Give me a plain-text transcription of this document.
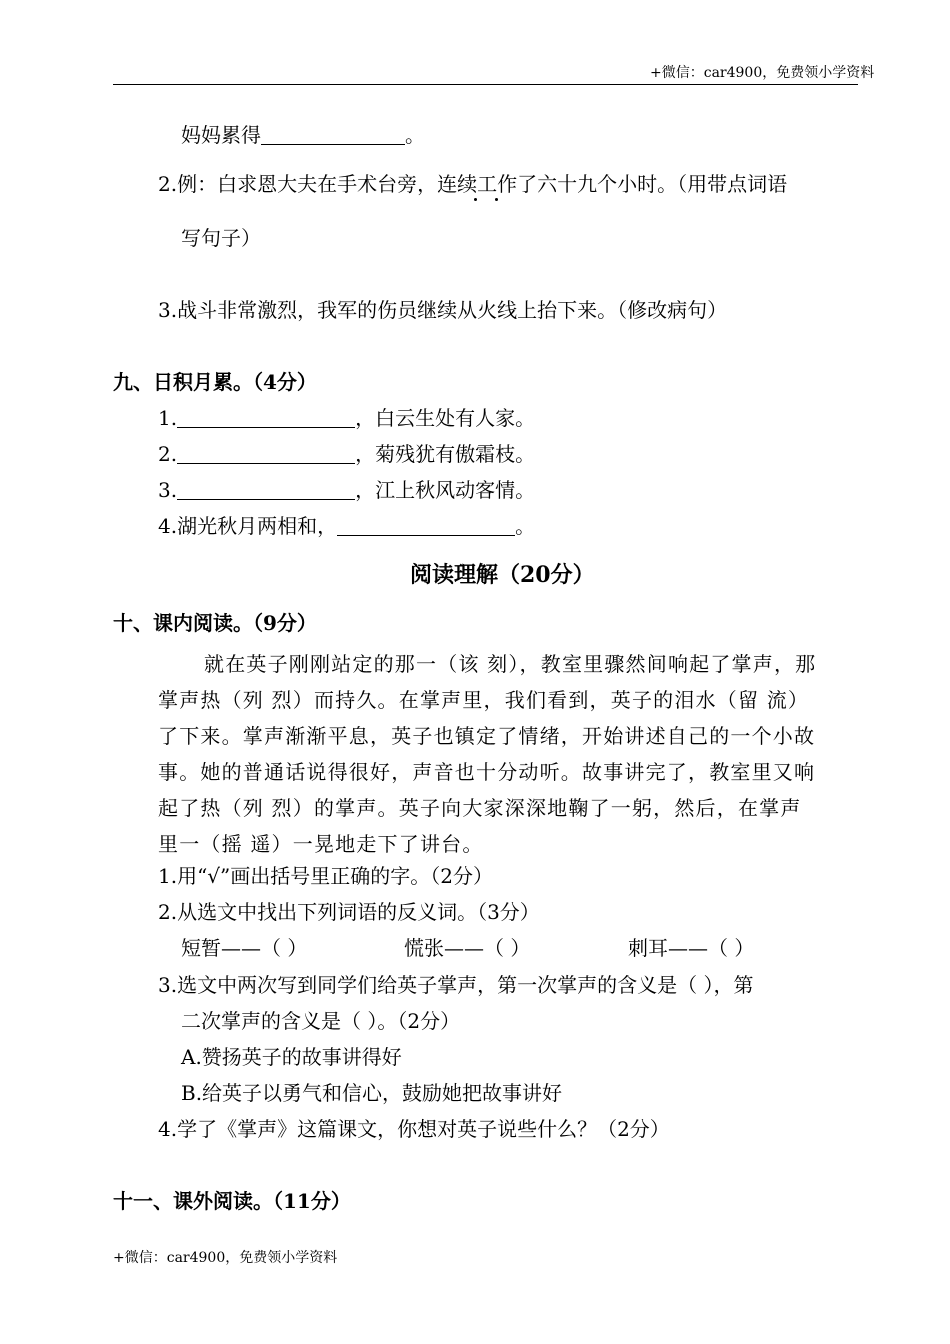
+微信：car4900，免费领小学资料
妈妈累得	。
2.例：白求恩大夫在手术台旁，连续工作了六十九个小时。（用带点词语
写句子）
3.战斗非常激烈，我军的伤员继续从火线上抬下来。（修改病句）
九、日积月累。（4分）
1.	，白云生处有人家。
2.	，菊残犹有傲霜枝。
3.	，江上秋风动客情。
4.湖光秋月两相和，	。
阅读理解（20分）
十、课内阅读。（9分）
就在英子刚刚站定的那一（该 刻），教室里骤然间响起了掌声，那
掌声热（列 烈）而持久。在掌声里，我们看到，英子的泪水（留 流）
了下来。掌声渐渐平息，英子也镇定了情绪，开始讲述自己的一个小故
事。她的普通话说得很好，声音也十分动听。故事讲完了，教室里又响
起了热（列 烈）的掌声。英子向大家深深地鞠了一躬，然后，在掌声
里一（摇 遥）一晃地走下了讲台。
1.用“√”画出括号里正确的字。（2分）
2.从选文中找出下列词语的反义词。（3分）
短暂——（ ）	慌张——（ ）	刺耳——（ ）
3.选文中两次写到同学们给英子掌声，第一次掌声的含义是（ ），第
二次掌声的含义是（ ）。（2分）
A.赞扬英子的故事讲得好
B.给英子以勇气和信心，鼓励她把故事讲好
4.学了《掌声》这篇课文，你想对英子说些什么？（2分）
十一、课外阅读。（11分）
+微信：car4900，免费领小学资料
